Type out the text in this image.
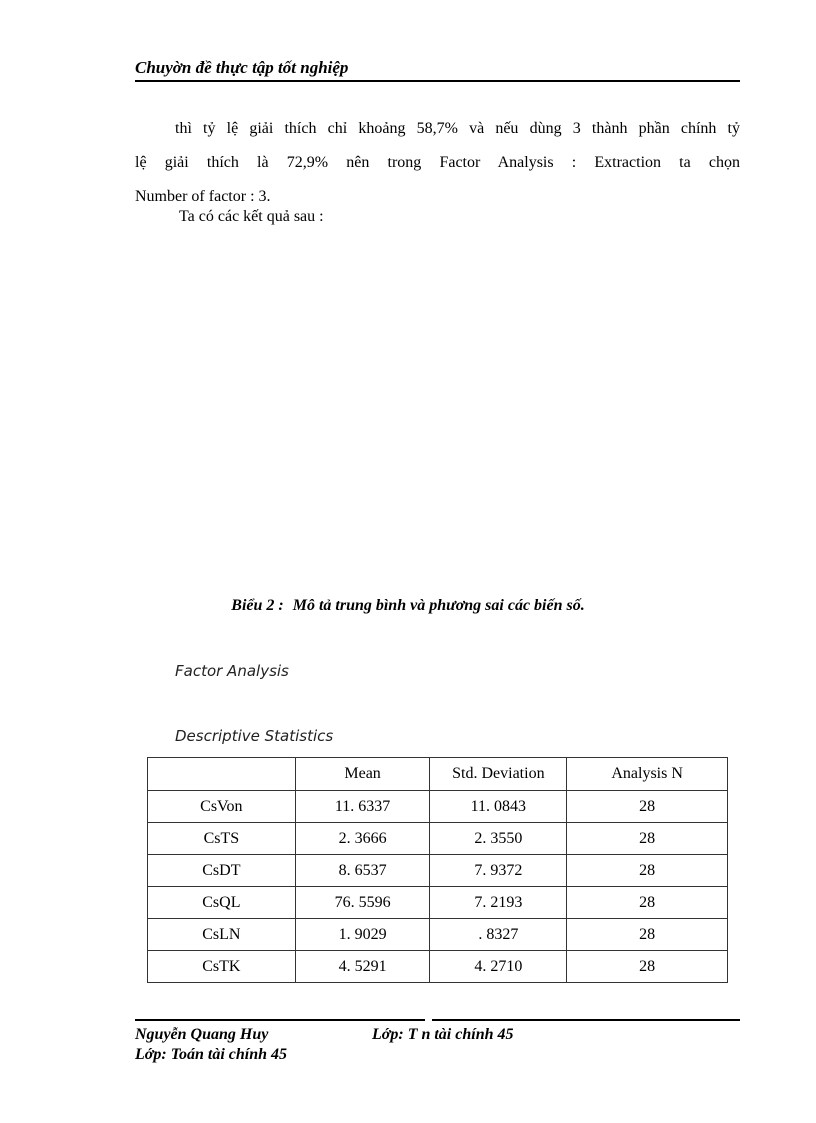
Chuyờn đề thực tập tốt nghiệp
thì tỷ lệ giải thích chỉ khoảng 58,7% và nếu dùng 3 thành phần chính tỷ
lệ giải thích là 72,9% nên trong Factor Analysis : Extraction ta chọn
Number of factor : 3.
Ta có các kết quả sau :
Biểu 2 : Mô tả trung bình và phương sai các biến số.
Factor Analysis
Descriptive Statistics
	Mean	Std. Deviation	Analysis N
CsVon	11. 6337	11. 0843	28
CsTS	2. 3666	2. 3550	28
CsDT	8. 6537	7. 9372	28
CsQL	76. 5596	7. 2193	28
CsLN	1. 9029	. 8327	28
CsTK	4. 5291	4. 2710	28
Nguyễn Quang Huy	Lớp: T n tài chính 45
Lớp: Toán tài chính 45
